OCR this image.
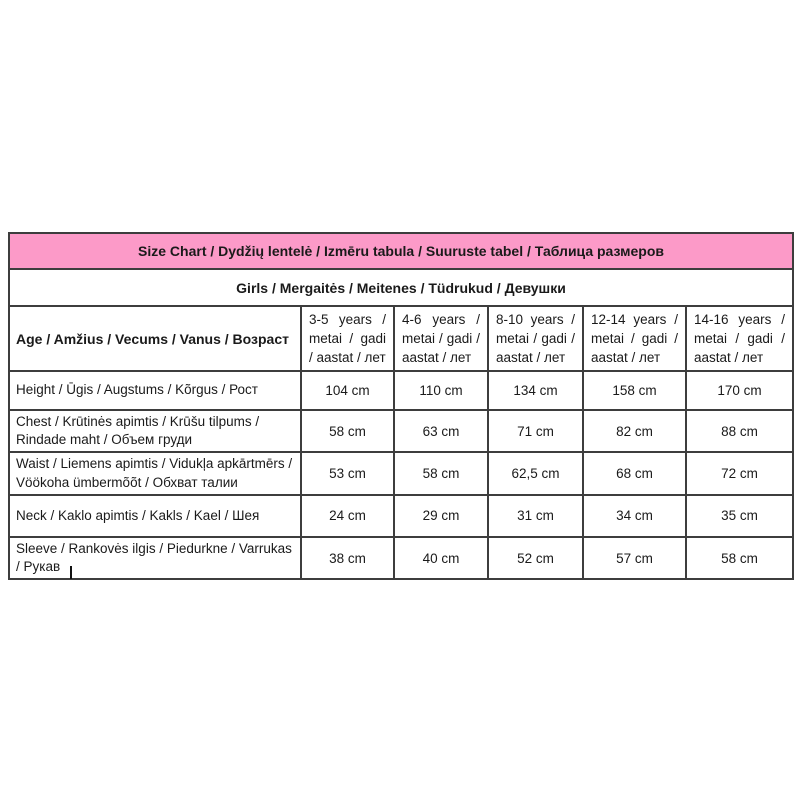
Size Chart / Dydžių lentelė / Izmēru tabula / Suuruste tabel / Таблица размеров					
Girls / Mergaitės / Meitenes / Tüdrukud / Девушки					
Age / Amžius / Vecums / Vanus / Возраст	3-5 years / metai / gadi / aastat / лет	4-6 years / metai / gadi / aastat / лет	8-10 years / metai / gadi / aastat / лет	12-14 years / metai / gadi / aastat / лет	14-16 years / metai / gadi / aastat / лет
Height / Ūgis / Augstums / Kõrgus / Рост	104 cm	110 cm	134 cm	158 cm	170 cm
Chest / Krūtinės apimtis / Krūšu tilpums / Rindade maht / Объем груди	58 cm	63 cm	71 cm	82 cm	88 cm
Waist / Liemens apimtis / Vidukļa apkārtmērs / Vöökoha ümbermõõt / Обхват талии	53 cm	58 cm	62,5 cm	68 cm	72 cm
Neck / Kaklo apimtis / Kakls / Kael / Шея	24 cm	29 cm	31 cm	34 cm	35 cm
Sleeve / Rankovės ilgis / Piedurkne / Varrukas / Рукав	38 cm	40 cm	52 cm	57 cm	58 cm
